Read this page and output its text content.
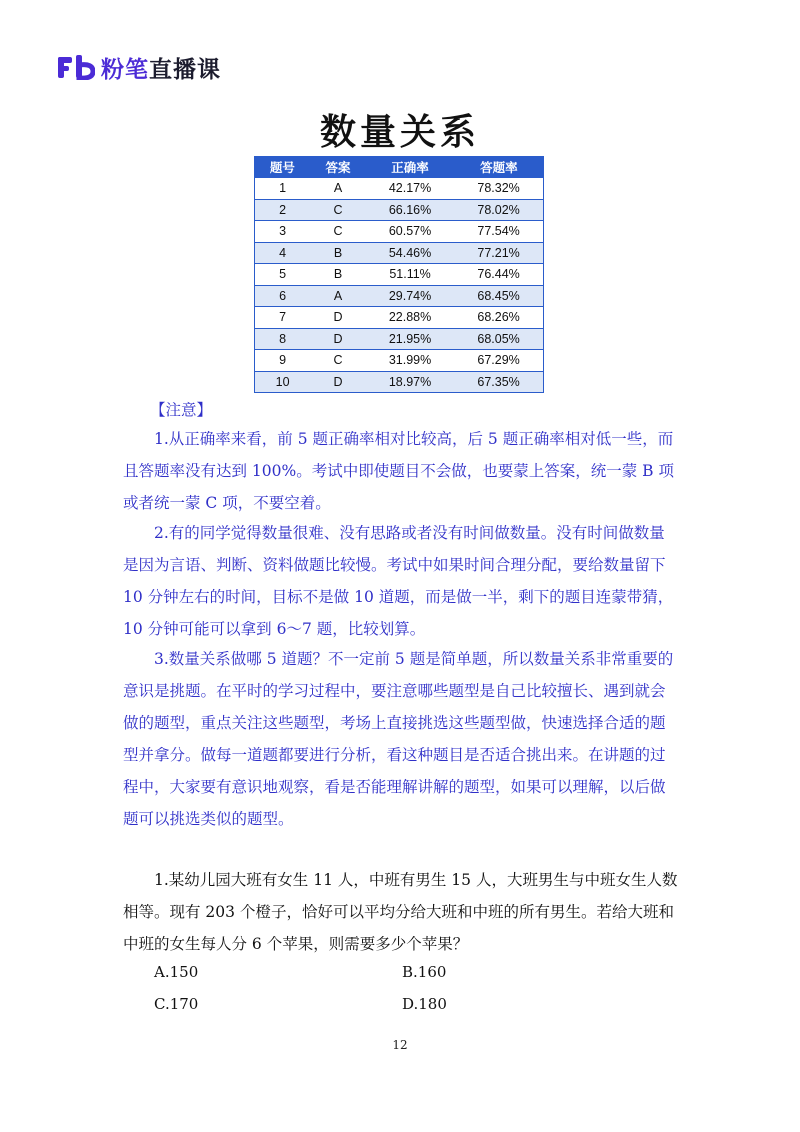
粉笔直播课
数量关系
题号	答案	正确率	答题率
1	A	42.17%	78.32%
2	C	66.16%	78.02%
3	C	60.57%	77.54%
4	B	54.46%	77.21%
5	B	51.11%	76.44%
6	A	29.74%	68.45%
7	D	22.88%	68.26%
8	D	21.95%	68.05%
9	C	31.99%	67.29%
10	D	18.97%	67.35%
【注意】
1.从正确率来看，前 5 题正确率相对比较高，后 5 题正确率相对低一些，而
且答题率没有达到 100%。考试中即使题目不会做，也要蒙上答案，统一蒙 B 项
或者统一蒙 C 项，不要空着。
2.有的同学觉得数量很难、没有思路或者没有时间做数量。没有时间做数量
是因为言语、判断、资料做题比较慢。考试中如果时间合理分配，要给数量留下
10 分钟左右的时间，目标不是做 10 道题，而是做一半，剩下的题目连蒙带猜，
10 分钟可能可以拿到 6～7 题，比较划算。
3.数量关系做哪 5 道题？不一定前 5 题是简单题，所以数量关系非常重要的
意识是挑题。在平时的学习过程中，要注意哪些题型是自己比较擅长、遇到就会
做的题型，重点关注这些题型，考场上直接挑选这些题型做，快速选择合适的题
型并拿分。做每一道题都要进行分析，看这种题目是否适合挑出来。在讲题的过
程中，大家要有意识地观察，看是否能理解讲解的题型，如果可以理解，以后做
题可以挑选类似的题型。
1.某幼儿园大班有女生 11 人，中班有男生 15 人，大班男生与中班女生人数
相等。现有 203 个橙子，恰好可以平均分给大班和中班的所有男生。若给大班和
中班的女生每人分 6 个苹果，则需要多少个苹果？
A.150	B.160
C.170	D.180
12
